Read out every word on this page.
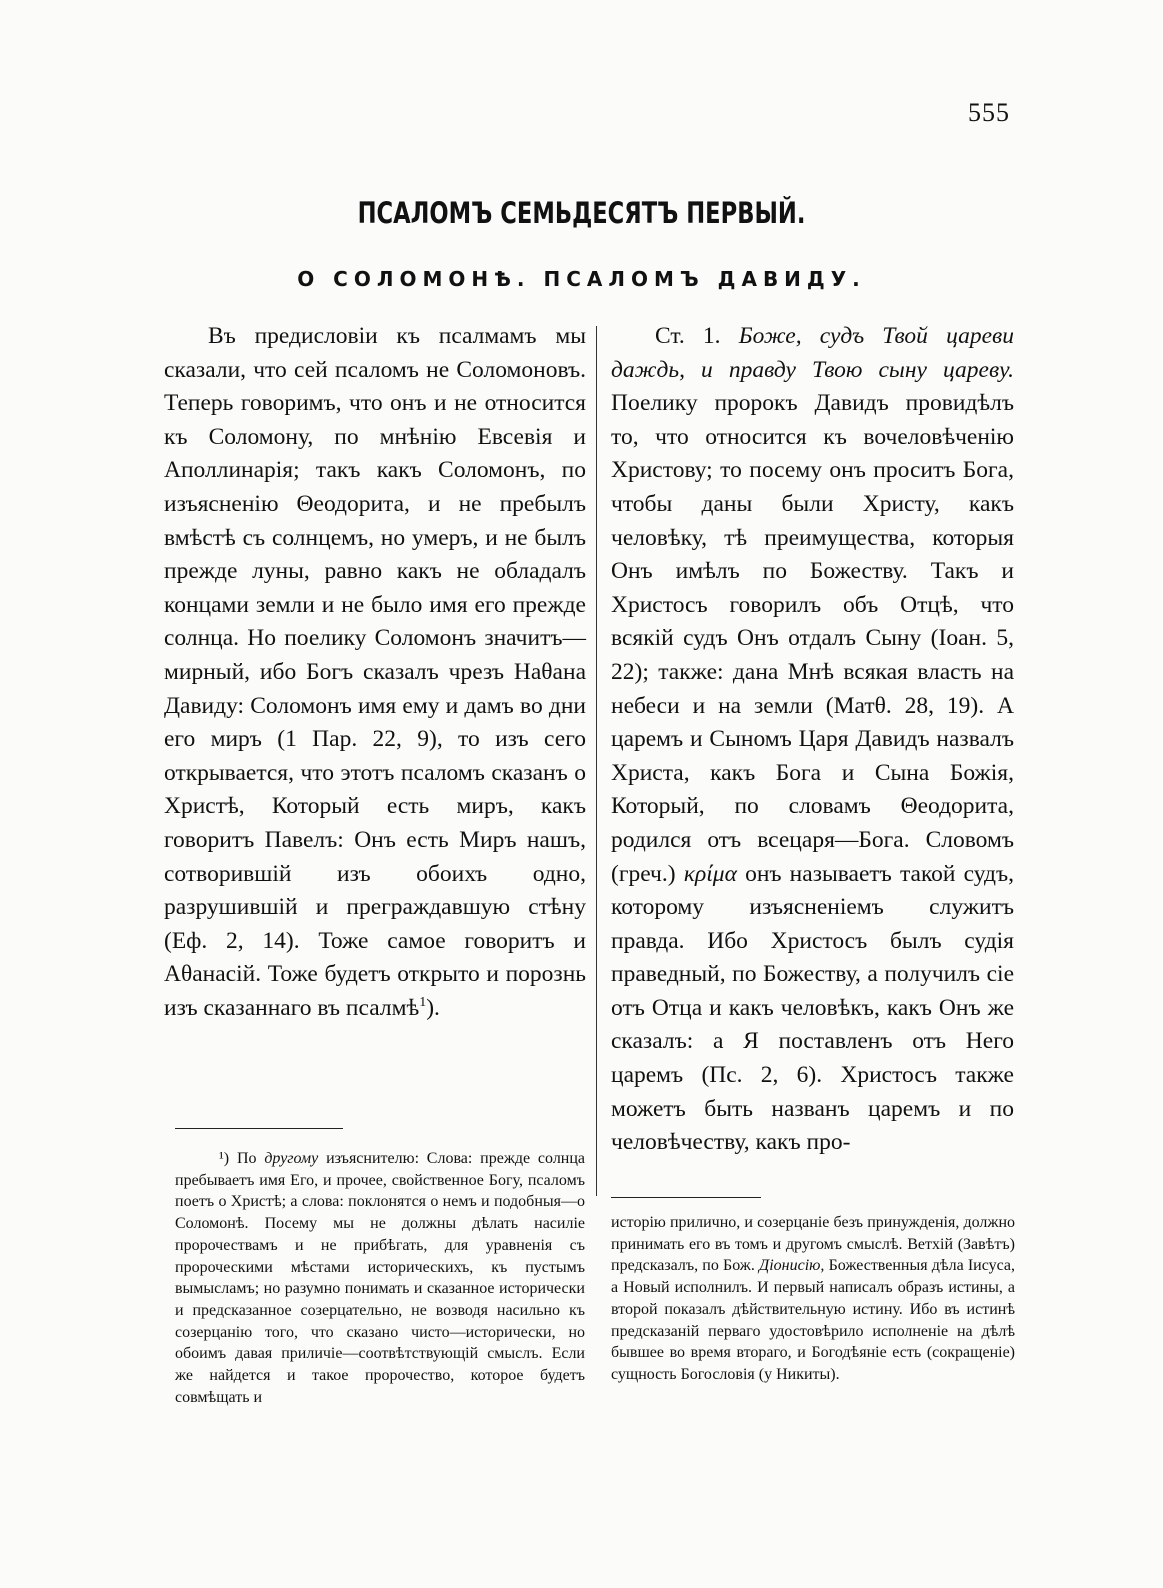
555
ПСАЛОМЪ СЕМЬДЕСЯТЪ ПЕРВЫЙ.
О СОЛОМОНѢ. ПСАЛОМЪ ДАВИДУ.

Въ предисловіи къ псалмамъ мы сказали, что сей псаломъ не Соломоновъ. Теперь говоримъ, что онъ и не относится къ Соломону, по мнѣнію Евсевія и Аполлинарія; такъ какъ Соломонъ, по изъясненію Θеодорита, и не пребылъ вмѣстѣ съ солнцемъ, но умеръ, и не былъ прежде луны, равно какъ не обладалъ концами земли и не было имя его прежде солнца. Но поелику Соломонъ значитъ—мирный, ибо Богъ сказалъ чрезъ Наθана Давиду: Соломонъ имя ему и дамъ во дни его миръ (1 Пар. 22, 9), то изъ сего открывается, что этотъ псаломъ сказанъ о Христѣ, Который есть миръ, какъ говоритъ Павелъ: Онъ есть Миръ нашъ, сотворившій изъ обоихъ одно, разрушившій и преграждавшую стѣну (Еф. 2, 14). Тоже самое говоритъ и Аθанасій. Тоже будетъ открыто и порознь изъ сказаннаго въ псалмѣ$^1$).

Ст. 1. Боже, судъ Твой цареви даждь, и правду Твою сыну цареву. Поелику пророкъ Давидъ провидѣлъ то, что относится къ вочеловѣченію Христову; то посему онъ проситъ Бога, чтобы даны были Христу, какъ человѣку, тѣ преимущества, которыя Онъ имѣлъ по Божеству. Такъ и Христосъ говорилъ объ Отцѣ, что всякій судъ Онъ отдалъ Сыну (Іоан. 5, 22); также: дана Мнѣ всякая власть на небеси и на земли (Матθ. 28, 19). А царемъ и Сыномъ Царя Давидъ назвалъ Христа, какъ Бога и Сына Божія, Который, по словамъ Θеодорита, родился отъ всецаря—Бога. Словомъ (греч.) κρίμα онъ называетъ такой судъ, которому изъясненіемъ служитъ правда. Ибо Христосъ былъ судія праведный, по Божеству, а получилъ сіе отъ Отца и какъ человѣкъ, какъ Онъ же сказалъ: а Я поставленъ отъ Него царемъ (Пс. 2, 6). Христосъ также можетъ быть названъ царемъ и по человѣчеству, какъ про-

¹) По другому изъяснителю: Слова: прежде солнца пребываетъ имя Его, и прочее, свойственное Богу, псаломъ поетъ о Христѣ; а слова: поклонятся о немъ и подобныя—о Соломонѣ. Посему мы не должны дѣлать насиліе пророчествамъ и не прибѣгать, для уравненія съ пророческими мѣстами историческихъ, къ пустымъ вымысламъ; но разумно понимать и сказанное исторически и предсказанное созерцательно, не возводя насильно къ созерцанію того, что сказано чисто—исторически, но обоимъ давая приличіе—соотвѣтствующій смыслъ. Если же найдется и такое пророчество, которое будетъ совмѣщать и

исторію прилично, и созерцаніе безъ принужденія, должно принимать его въ томъ и другомъ смыслѣ. Ветхій (Завѣтъ) предсказалъ, по Бож. Діонисію, Божественныя дѣла Іисуса, а Новый исполнилъ. И первый написалъ образъ истины, а второй показалъ дѣйствительную истину. Ибо въ истинѣ предсказаній перваго удостовѣрило исполненіе на дѣлѣ бывшее во время втораго, и Богодѣяніе есть (сокращеніе) сущность Богословія (у Никиты).
